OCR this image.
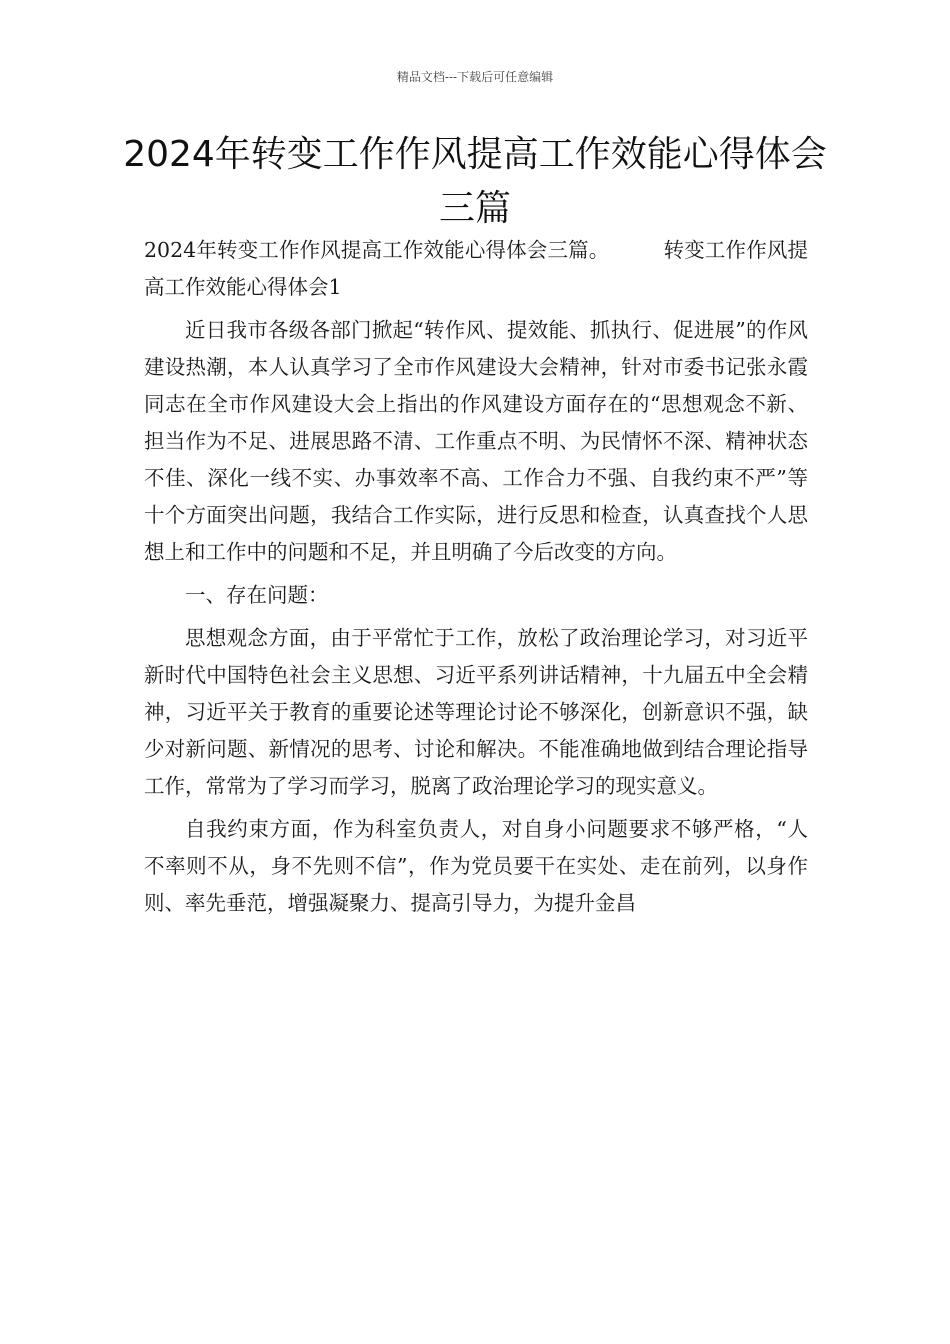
精品文档---下载后可任意编辑
2024年转变工作作风提高工作效能心得体会三篇

2024年转变工作作风提高工作效能心得体会三篇。	转变工作作风提高工作效能心得体会1

近日我市各级各部门掀起“转作风、提效能、抓执行、促进展”的作风建设热潮，本人认真学习了全市作风建设大会精神，针对市委书记张永霞同志在全市作风建设大会上指出的作风建设方面存在的“思想观念不新、担当作为不足、进展思路不清、工作重点不明、为民情怀不深、精神状态不佳、深化一线不实、办事效率不高、工作合力不强、自我约束不严”等十个方面突出问题，我结合工作实际，进行反思和检查，认真查找个人思想上和工作中的问题和不足，并且明确了今后改变的方向。

一、存在问题：

思想观念方面，由于平常忙于工作，放松了政治理论学习，对习近平新时代中国特色社会主义思想、习近平系列讲话精神，十九届五中全会精神，习近平关于教育的重要论述等理论讨论不够深化，创新意识不强，缺少对新问题、新情况的思考、讨论和解决。不能准确地做到结合理论指导工作，常常为了学习而学习，脱离了政治理论学习的现实意义。

自我约束方面，作为科室负责人，对自身小问题要求不够严格，“人不率则不从，身不先则不信”，作为党员要干在实处、走在前列，以身作则、率先垂范，增强凝聚力、提高引导力，为提升金昌
